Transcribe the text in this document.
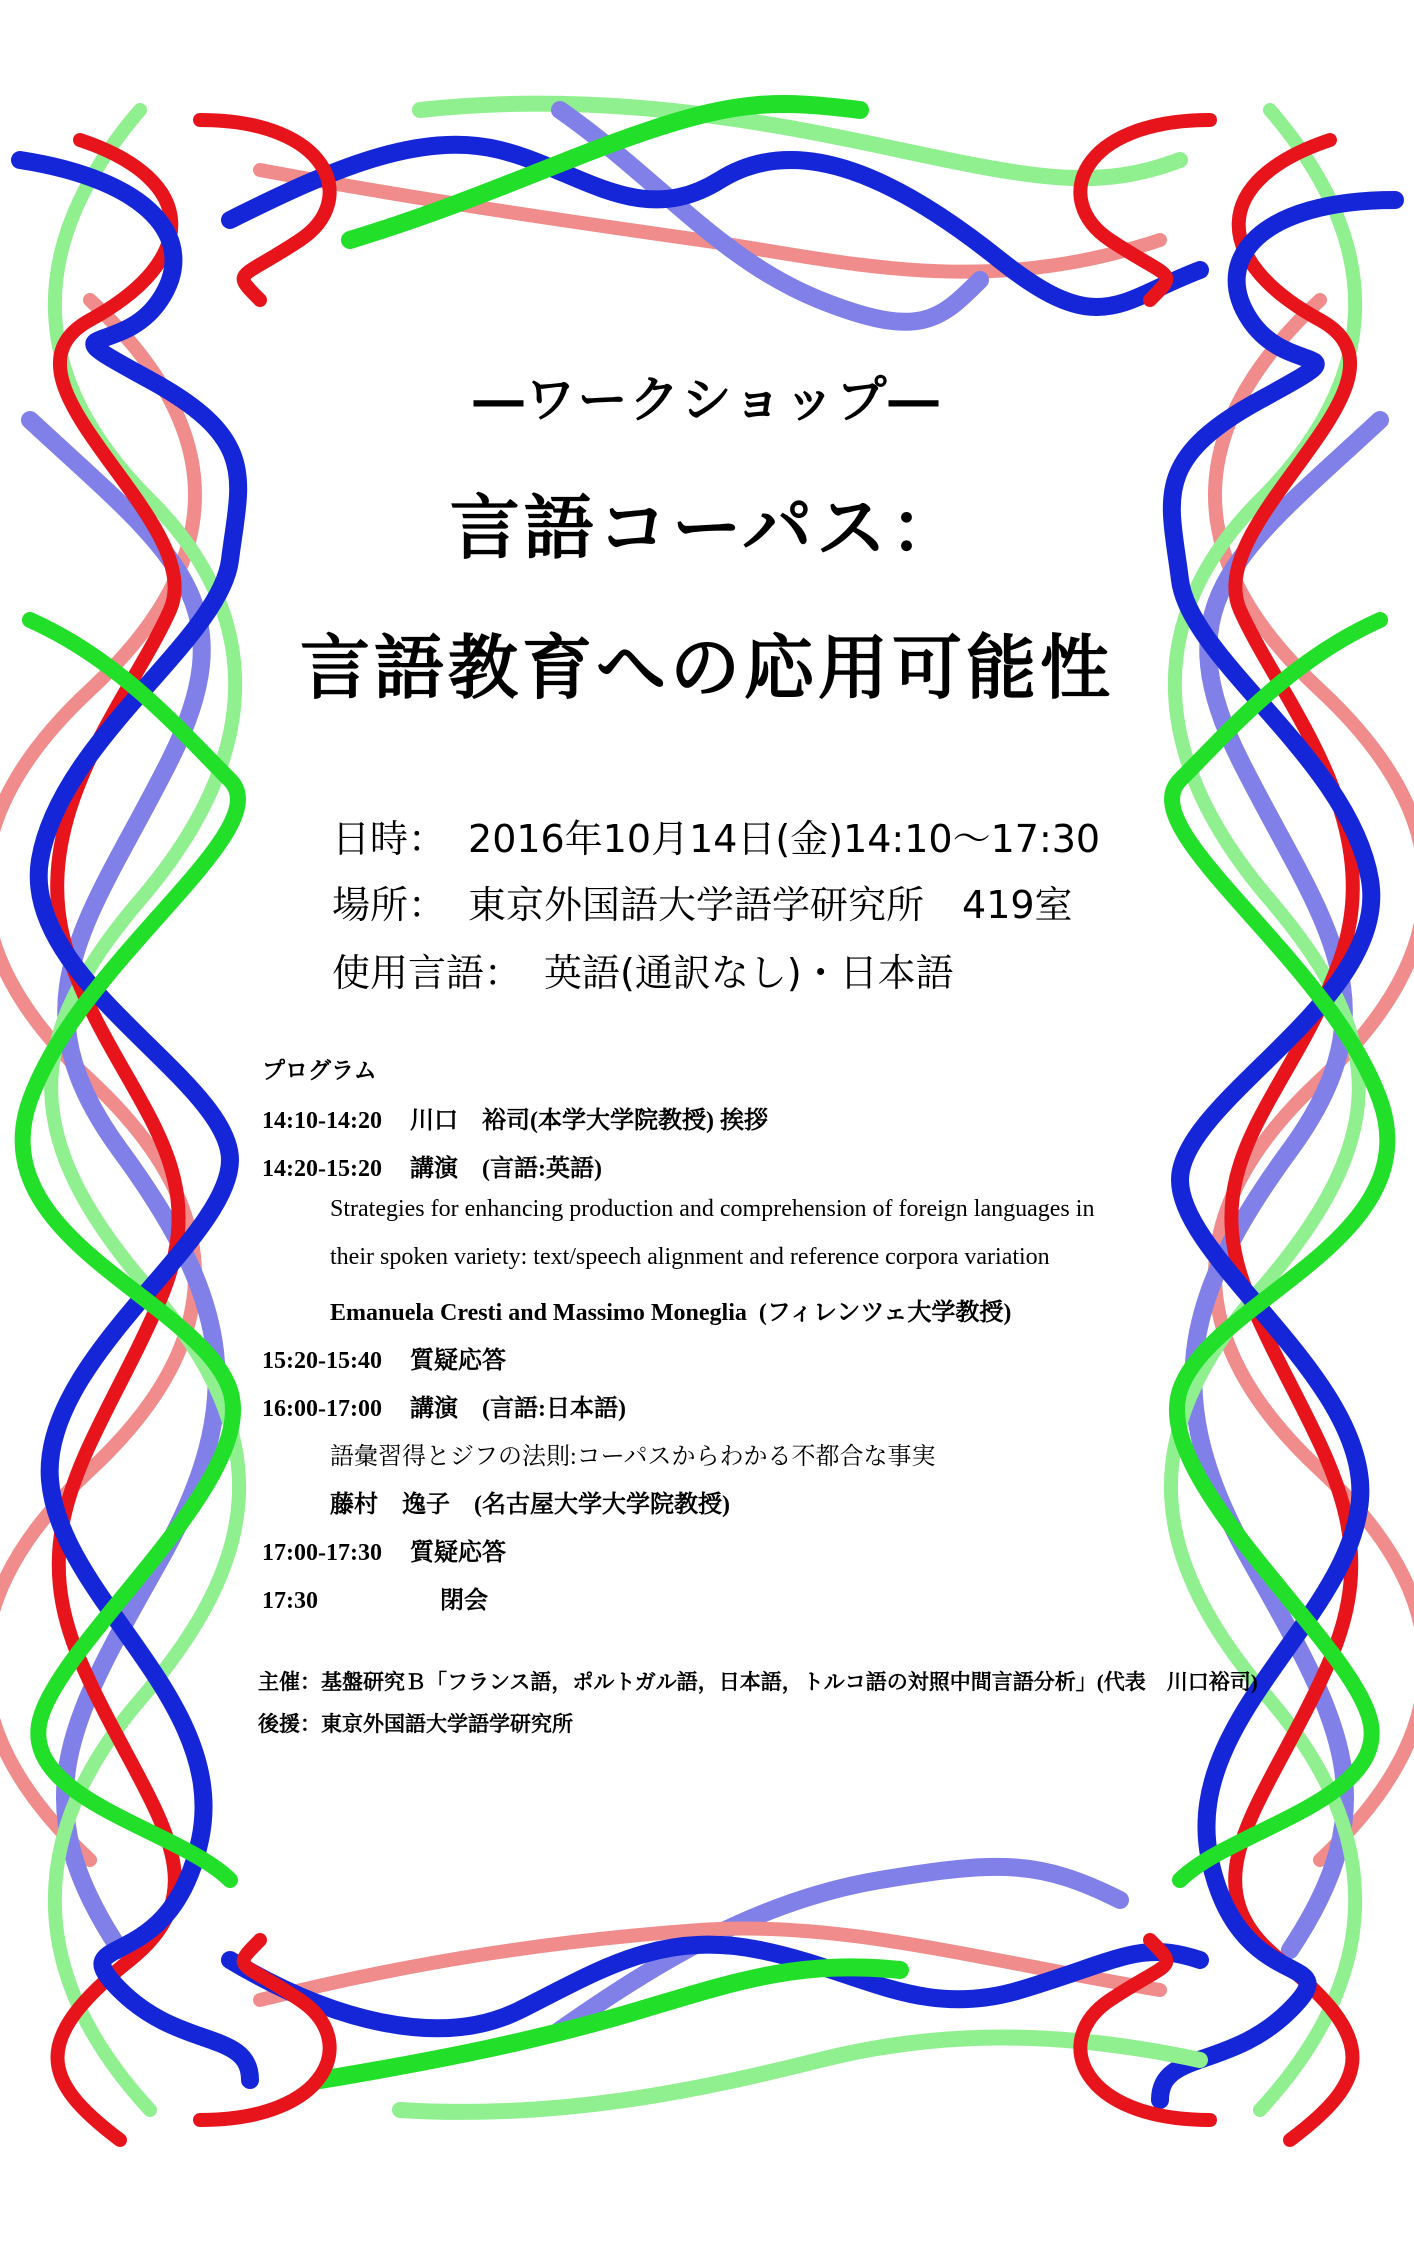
―ワークショップ―
言語コーパス：
言語教育への応用可能性
日時： 2016年10月14日(金)14:10～17:30
場所： 東京外国語大学語学研究所　419室
使用言語： 英語(通訳なし)・日本語
プログラム
14:10-14:20 川口　裕司(本学大学院教授) 挨拶
14:20-15:20 講演　(言語:英語)
Strategies for enhancing production and comprehension of foreign languages in
their spoken variety: text/speech alignment and reference corpora variation
Emanuela Cresti and Massimo Moneglia (フィレンツェ大学教授)
15:20-15:40 質疑応答
16:00-17:00 講演　(言語:日本語)
語彙習得とジフの法則:コーパスからわかる不都合な事実
藤村　逸子　(名古屋大学大学院教授)
17:00-17:30 質疑応答
17:30	閉会
主催：基盤研究Ｂ「フランス語，ポルトガル語，日本語，トルコ語の対照中間言語分析」(代表　川口裕司)
後援：東京外国語大学語学研究所
